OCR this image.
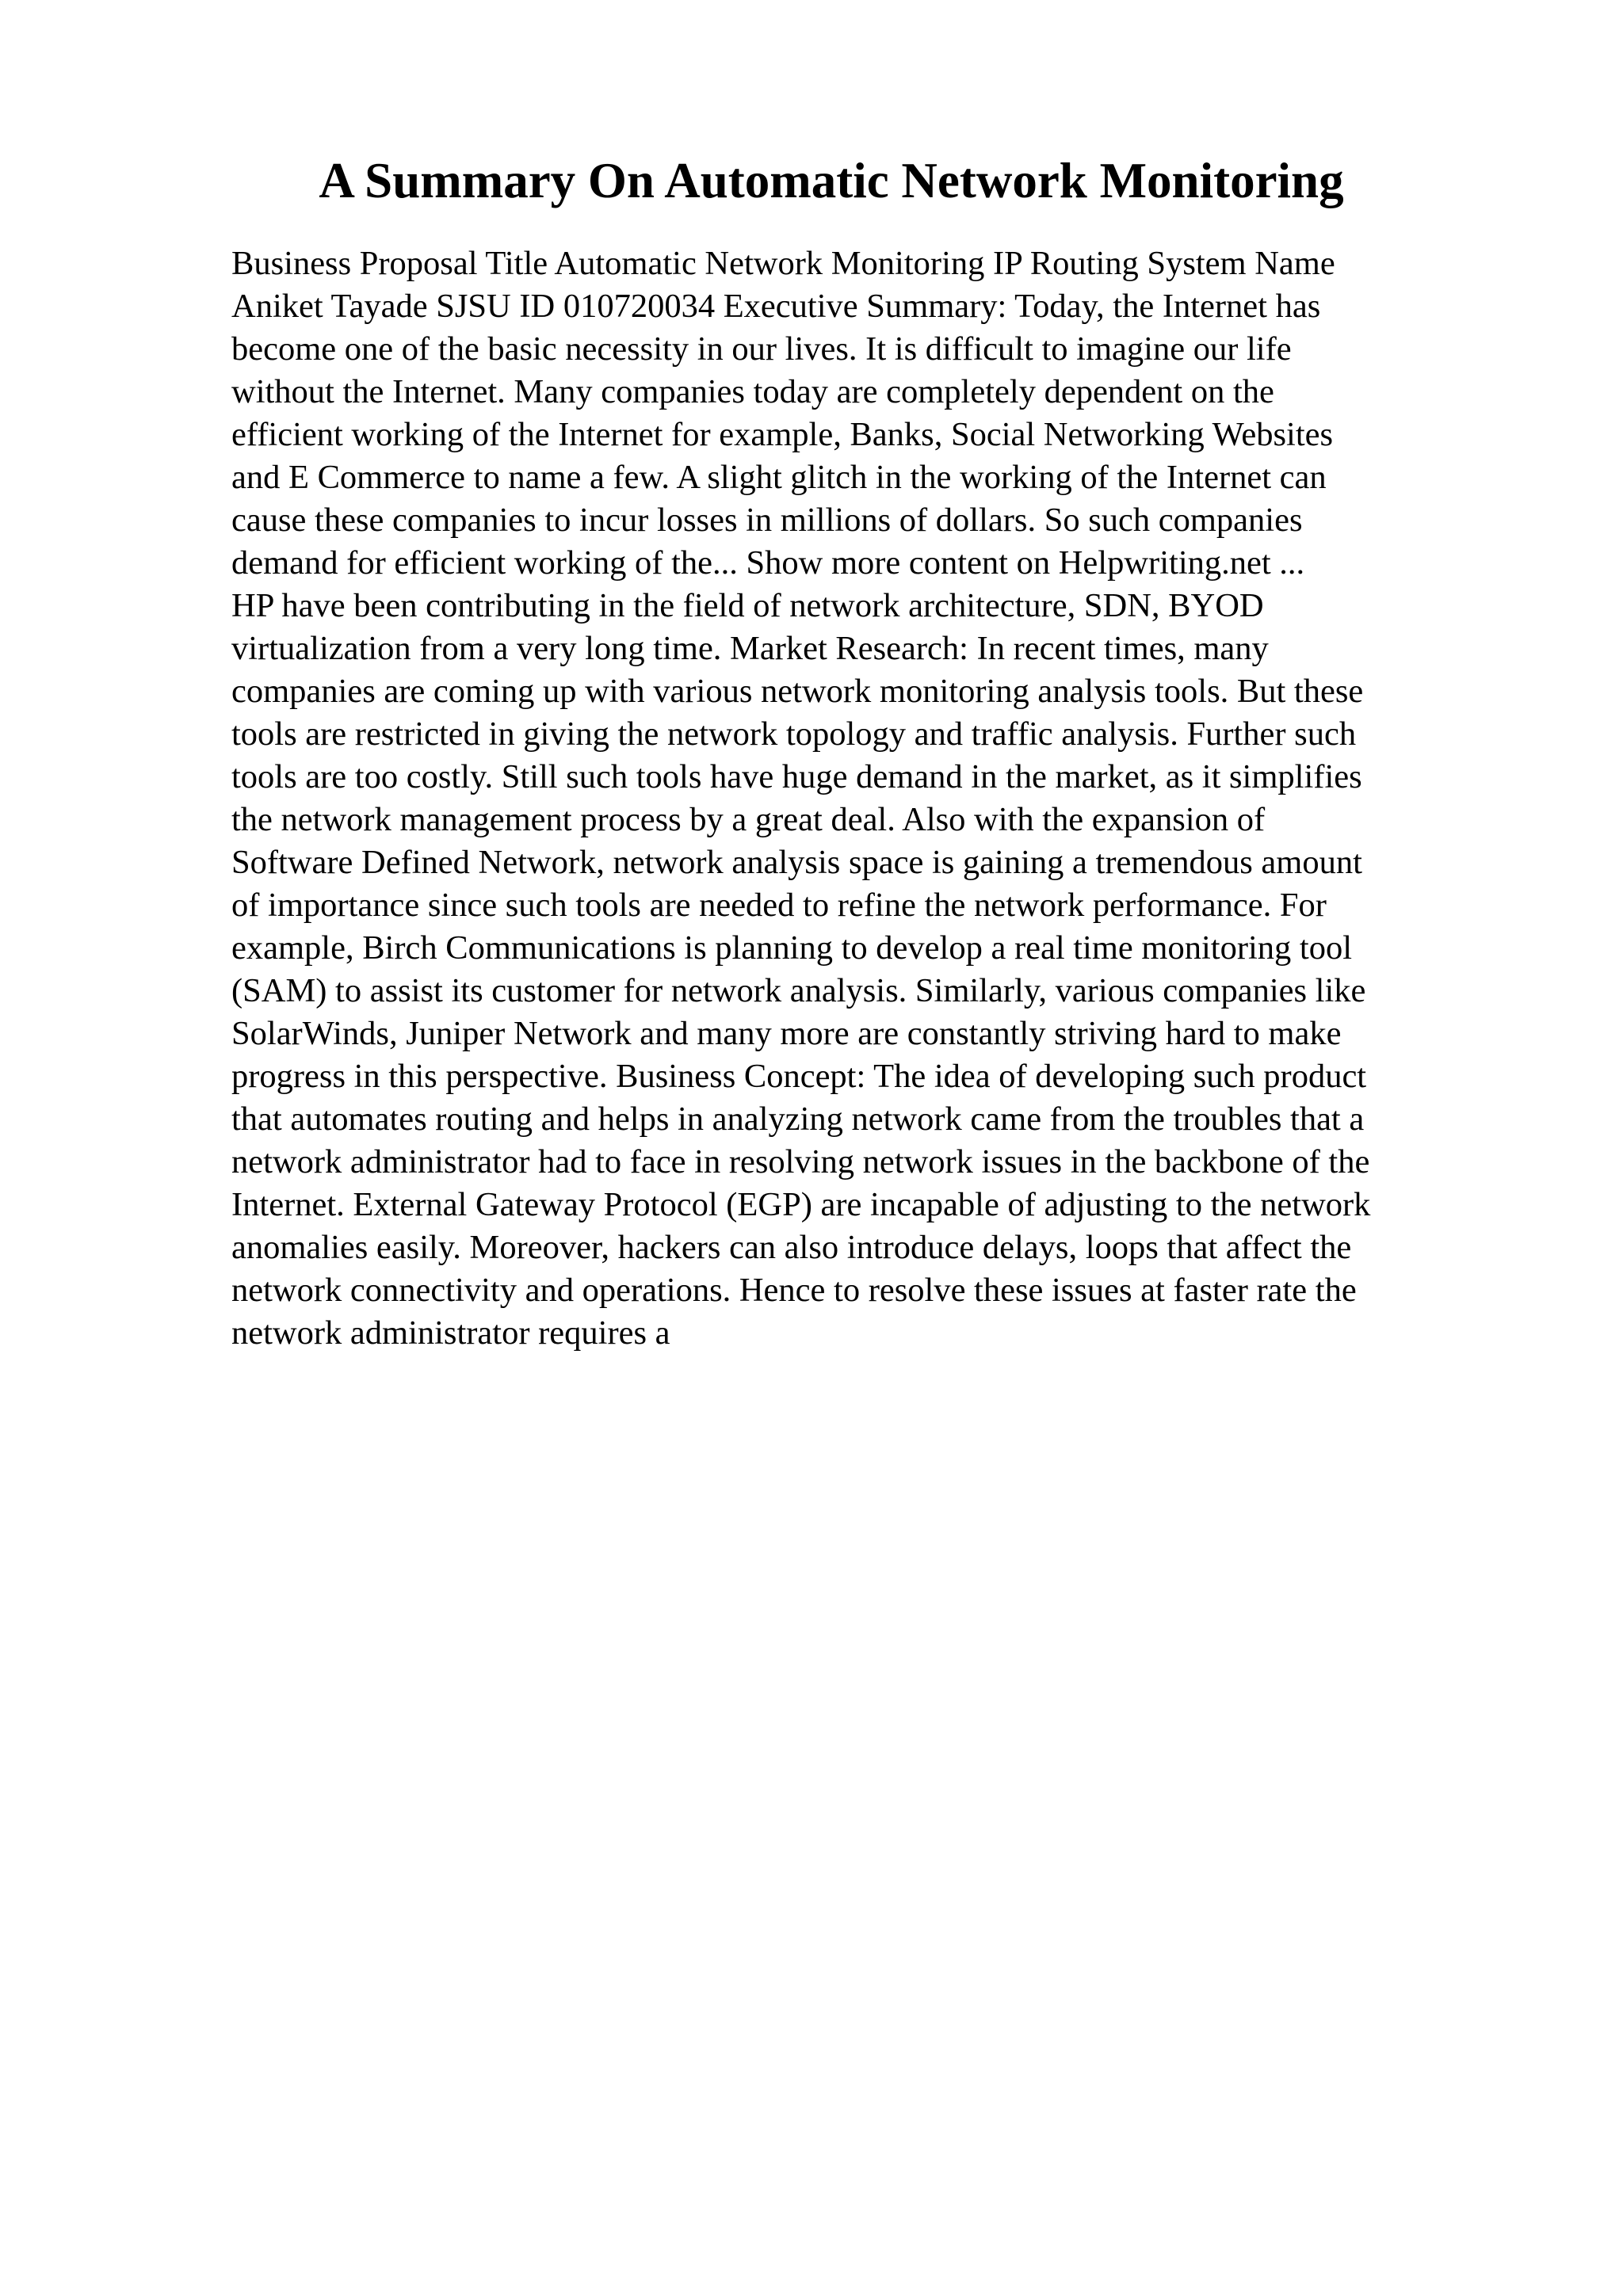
A Summary On Automatic Network Monitoring
Business Proposal Title Automatic Network Monitoring IP Routing System Name
Aniket Tayade SJSU ID 010720034 Executive Summary: Today, the Internet has
become one of the basic necessity in our lives. It is difficult to imagine our life
without the Internet. Many companies today are completely dependent on the
efficient working of the Internet for example, Banks, Social Networking Websites
and E Commerce to name a few. A slight glitch in the working of the Internet can
cause these companies to incur losses in millions of dollars. So such companies
demand for efficient working of the... Show more content on Helpwriting.net ...
HP have been contributing in the field of network architecture, SDN, BYOD
virtualization from a very long time. Market Research: In recent times, many
companies are coming up with various network monitoring analysis tools. But these
tools are restricted in giving the network topology and traffic analysis. Further such
tools are too costly. Still such tools have huge demand in the market, as it simplifies
the network management process by a great deal. Also with the expansion of
Software Defined Network, network analysis space is gaining a tremendous amount
of importance since such tools are needed to refine the network performance. For
example, Birch Communications is planning to develop a real time monitoring tool
(SAM) to assist its customer for network analysis. Similarly, various companies like
SolarWinds, Juniper Network and many more are constantly striving hard to make
progress in this perspective. Business Concept: The idea of developing such product
that automates routing and helps in analyzing network came from the troubles that a
network administrator had to face in resolving network issues in the backbone of the
Internet. External Gateway Protocol (EGP) are incapable of adjusting to the network
anomalies easily. Moreover, hackers can also introduce delays, loops that affect the
network connectivity and operations. Hence to resolve these issues at faster rate the
network administrator requires a
